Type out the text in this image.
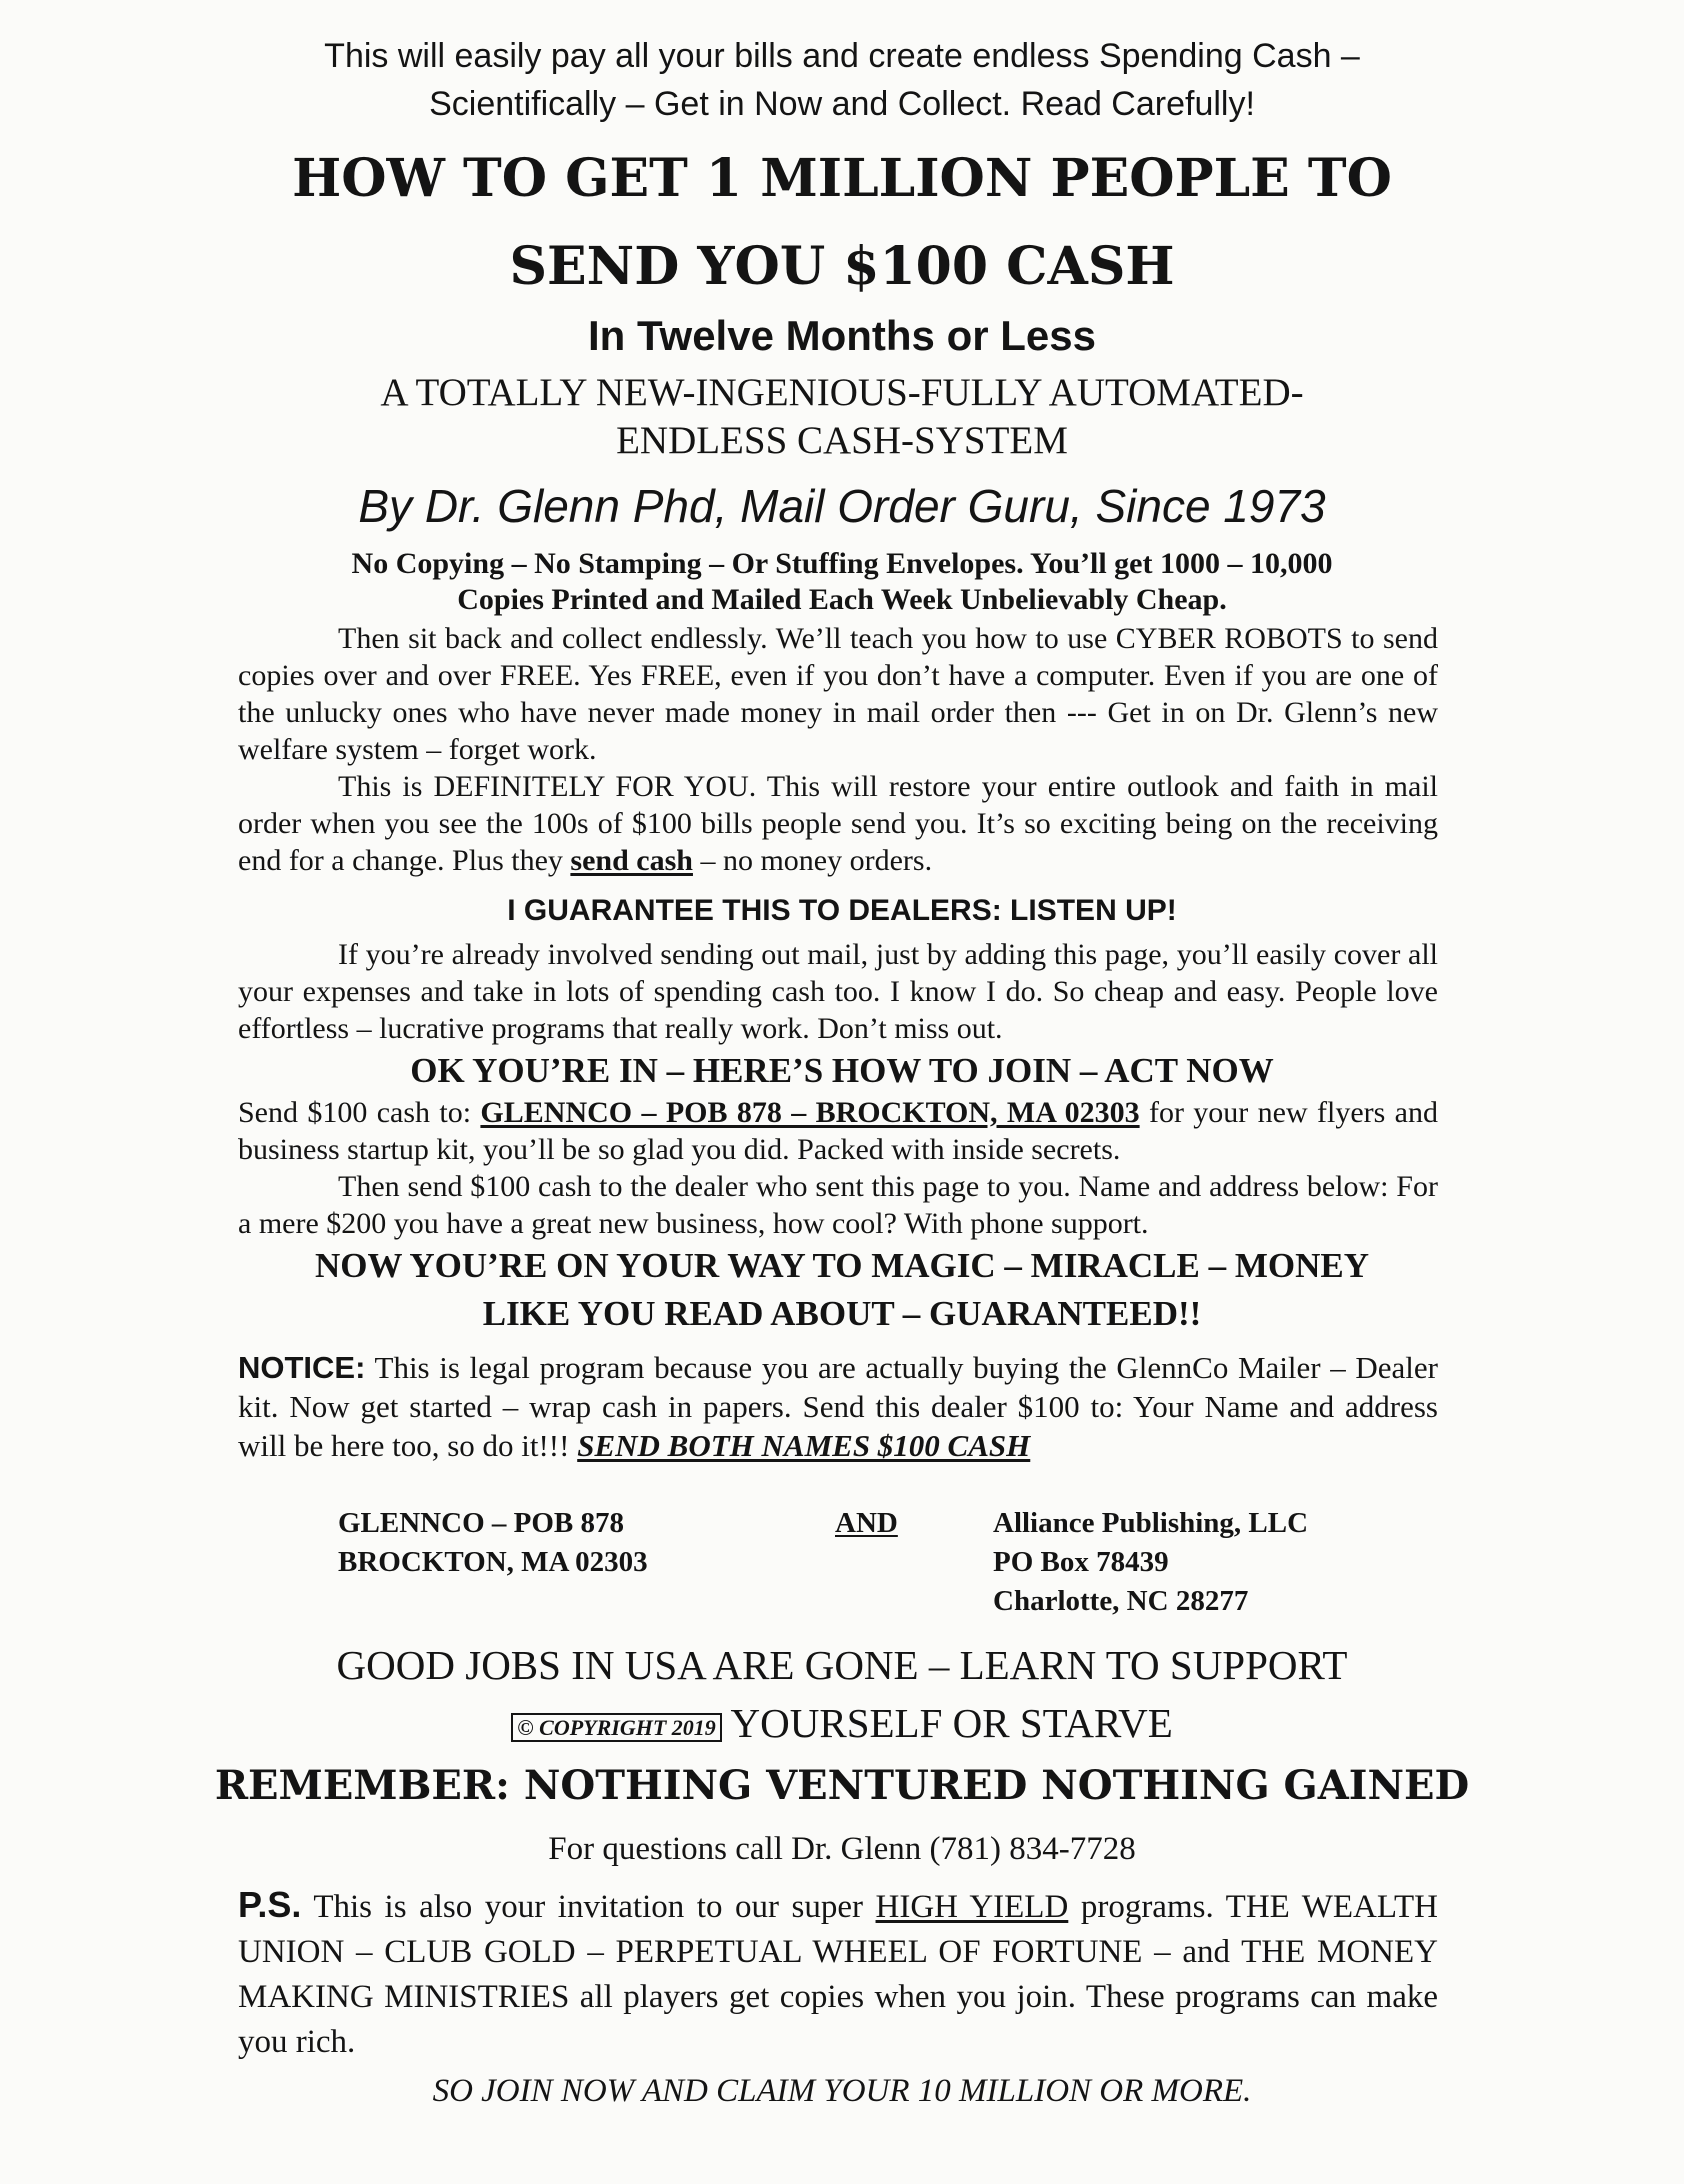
This will easily pay all your bills and create endless Spending Cash –
Scientifically – Get in Now and Collect. Read Carefully!
HOW TO GET 1 MILLION PEOPLE TO
SEND YOU $100 CASH
In Twelve Months or Less
A TOTALLY NEW-INGENIOUS-FULLY AUTOMATED-
ENDLESS CASH-SYSTEM
By Dr. Glenn Phd, Mail Order Guru, Since 1973
No Copying – No Stamping – Or Stuffing Envelopes. You’ll get 1000 – 10,000
Copies Printed and Mailed Each Week Unbelievably Cheap.

Then sit back and collect endlessly. We’ll teach you how to use CYBER ROBOTS to send copies over and over FREE. Yes FREE, even if you don’t have a computer. Even if you are one of the unlucky ones who have never made money in mail order then --- Get in on Dr. Glenn’s new welfare system – forget work.

This is DEFINITELY FOR YOU. This will restore your entire outlook and faith in mail order when you see the 100s of $100 bills people send you. It’s so exciting being on the receiving end for a change. Plus they send cash – no money orders.

I GUARANTEE THIS TO DEALERS: LISTEN UP!

If you’re already involved sending out mail, just by adding this page, you’ll easily cover all your expenses and take in lots of spending cash too. I know I do. So cheap and easy. People love effortless – lucrative programs that really work. Don’t miss out.

OK YOU’RE IN – HERE’S HOW TO JOIN – ACT NOW

Send $100 cash to: GLENNCO – POB 878 – BROCKTON, MA 02303 for your new flyers and business startup kit, you’ll be so glad you did. Packed with inside secrets.

Then send $100 cash to the dealer who sent this page to you. Name and address below: For a mere $200 you have a great new business, how cool? With phone support.

NOW YOU’RE ON YOUR WAY TO MAGIC – MIRACLE – MONEY
LIKE YOU READ ABOUT – GUARANTEED!!

NOTICE: This is legal program because you are actually buying the GlennCo Mailer – Dealer kit. Now get started – wrap cash in papers. Send this dealer $100 to: Your Name and address will be here too, so do it!!! SEND BOTH NAMES $100 CASH

GLENNCO – POB 878
BROCKTON, MA 02303
AND	Alliance Publishing, LLC
PO Box 78439
Charlotte, NC 28277
GOOD JOBS IN USA ARE GONE – LEARN TO SUPPORT
© COPYRIGHT 2019 YOURSELF OR STARVE
REMEMBER: NOTHING VENTURED NOTHING GAINED
For questions call Dr. Glenn (781) 834-7728

P.S. This is also your invitation to our super HIGH YIELD programs. THE WEALTH UNION – CLUB GOLD – PERPETUAL WHEEL OF FORTUNE – and THE MONEY MAKING MINISTRIES all players get copies when you join. These programs can make you rich.

SO JOIN NOW AND CLAIM YOUR 10 MILLION OR MORE.
